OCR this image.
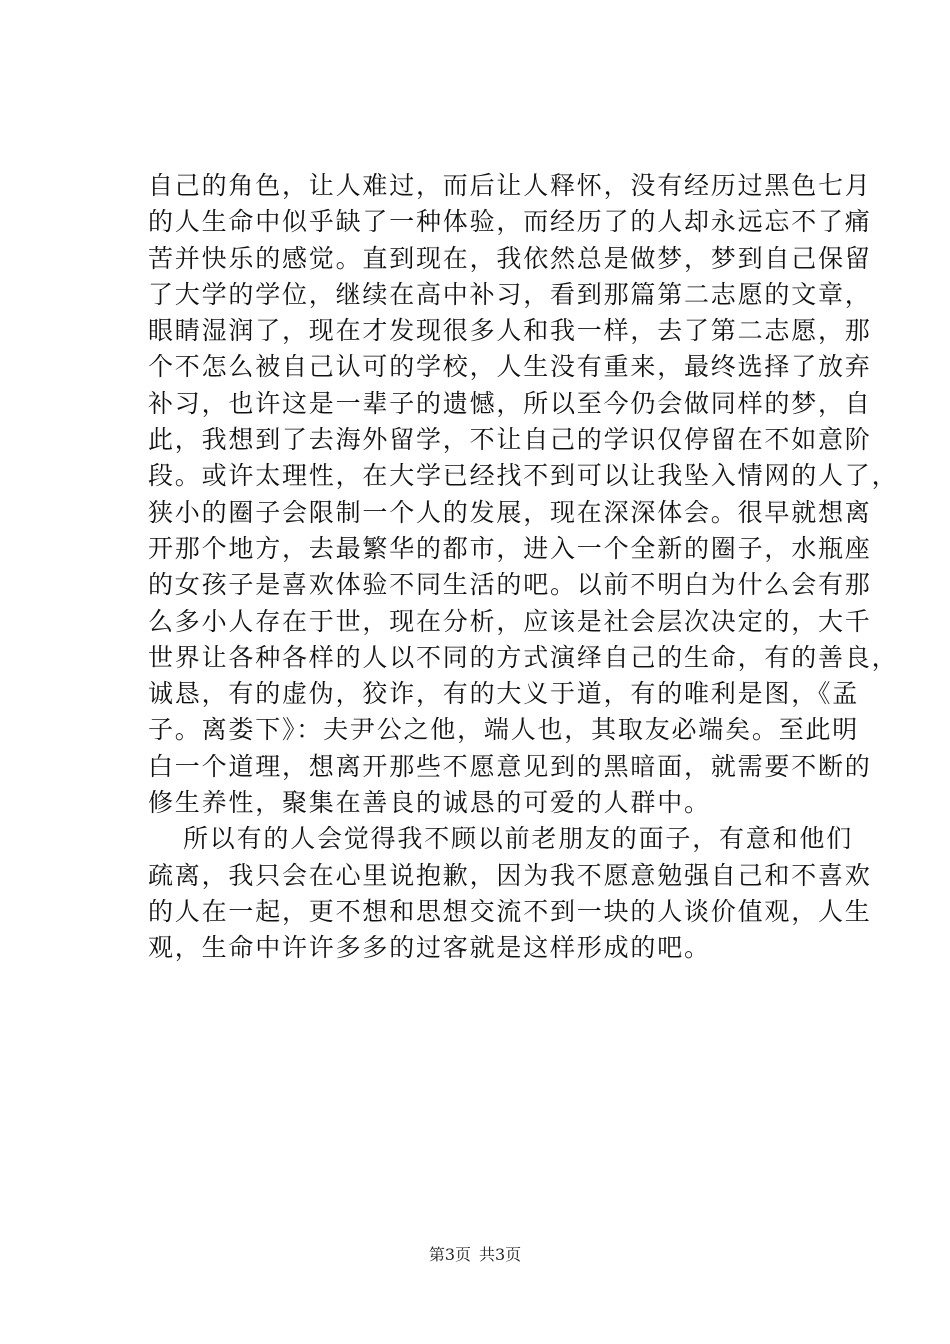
自己的角色，让人难过，而后让人释怀，没有经历过黑色七月
的人生命中似乎缺了一种体验，而经历了的人却永远忘不了痛
苦并快乐的感觉。直到现在，我依然总是做梦，梦到自己保留
了大学的学位，继续在高中补习，看到那篇第二志愿的文章，
眼睛湿润了，现在才发现很多人和我一样，去了第二志愿，那
个不怎么被自己认可的学校，人生没有重来，最终选择了放弃
补习，也许这是一辈子的遗憾，所以至今仍会做同样的梦，自
此，我想到了去海外留学，不让自己的学识仅停留在不如意阶
段。或许太理性，在大学已经找不到可以让我坠入情网的人了，
狭小的圈子会限制一个人的发展，现在深深体会。很早就想离
开那个地方，去最繁华的都市，进入一个全新的圈子，水瓶座
的女孩子是喜欢体验不同生活的吧。以前不明白为什么会有那
么多小人存在于世，现在分析，应该是社会层次决定的，大千
世界让各种各样的人以不同的方式演绎自己的生命，有的善良，
诚恳，有的虚伪，狡诈，有的大义于道，有的唯利是图，《孟
子。离娄下》：夫尹公之他，端人也，其取友必端矣。至此明
白一个道理，想离开那些不愿意见到的黑暗面，就需要不断的
修生养性，聚集在善良的诚恳的可爱的人群中。
所以有的人会觉得我不顾以前老朋友的面子，有意和他们
疏离，我只会在心里说抱歉，因为我不愿意勉强自己和不喜欢
的人在一起，更不想和思想交流不到一块的人谈价值观，人生
观，生命中许许多多的过客就是这样形成的吧。
第3页 共3页
